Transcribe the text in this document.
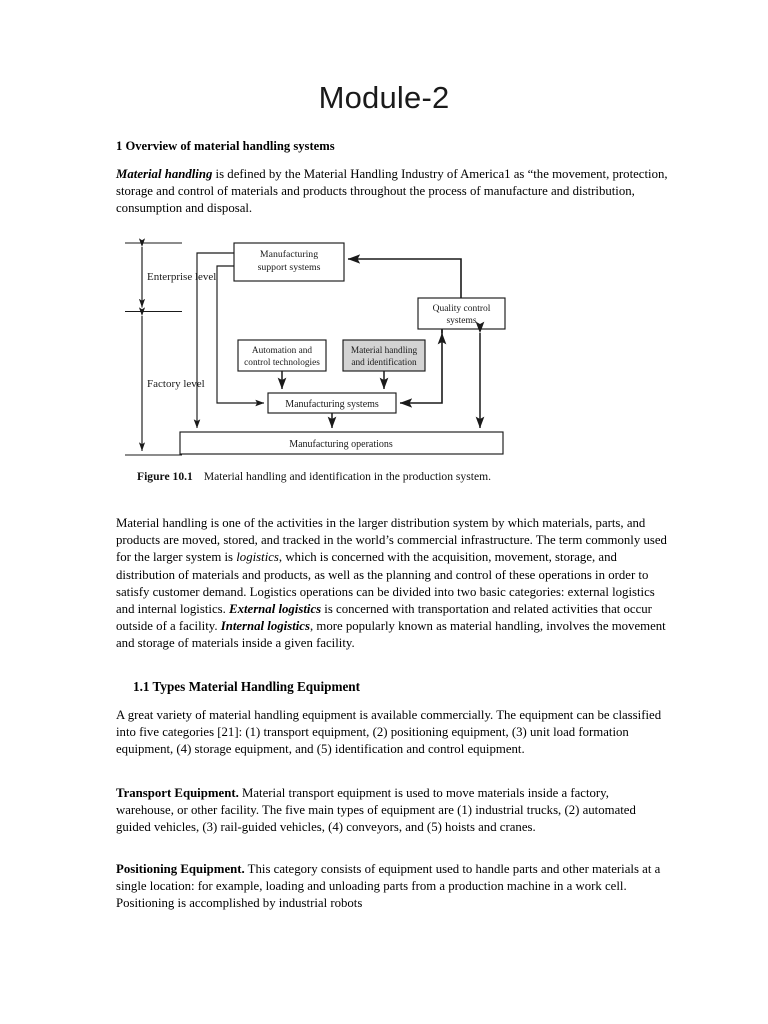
Module-2

1 Overview of material handling systems

Material handling is defined by the Material Handling Industry of America1 as “the movement, protection, storage and control of materials and products throughout the process of manufacture and distribution, consumption and disposal.

Enterprise level
Factory level
Manufacturing
support systems
Quality control
systems
Automation and
control technologies
Material handling
and identification
Manufacturing systems
Manufacturing operations
Figure 10.1 Material handling and identification in the production system.

Material handling is one of the activities in the larger distribution system by which materials, parts, and products are moved, stored, and tracked in the world’s commercial infrastructure. The term commonly used for the larger system is logistics, which is concerned with the acquisition, movement, storage, and distribution of materials and products, as well as the planning and control of these operations in order to satisfy customer demand. Logistics operations can be divided into two basic categories: external logistics and internal logistics. External logistics is concerned with transportation and related activities that occur outside of a facility. Internal logistics, more popularly known as material handling, involves the movement and storage of materials inside a given facility.

1.1 Types Material Handling Equipment

A great variety of material handling equipment is available commercially. The equipment can be classified into five categories [21]: (1) transport equipment, (2) positioning equipment, (3) unit load formation equipment, (4) storage equipment, and (5) identification and control equipment.

Transport Equipment. Material transport equipment is used to move materials inside a factory, warehouse, or other facility. The five main types of equipment are (1) industrial trucks, (2) automated guided vehicles, (3) rail-guided vehicles, (4) conveyors, and (5) hoists and cranes.

Positioning Equipment. This category consists of equipment used to handle parts and other materials at a single location: for example, loading and unloading parts from a production machine in a work cell. Positioning is accomplished by industrial robots
